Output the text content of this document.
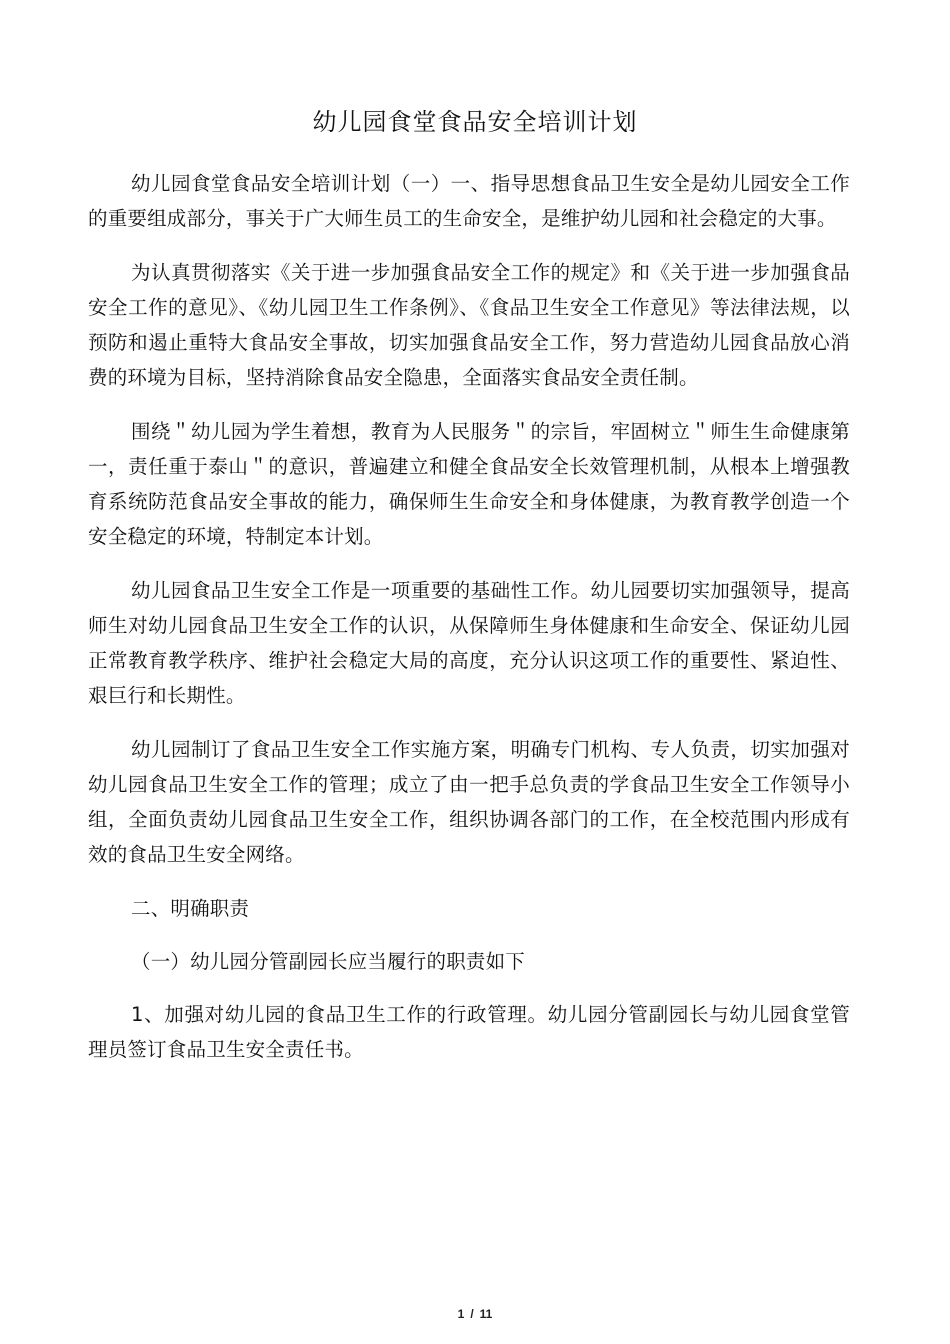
幼儿园食堂食品安全培训计划

幼儿园食堂食品安全培训计划（一）一、指导思想食品卫生安全是幼儿园安全工作的重要组成部分，事关于广大师生员工的生命安全，是维护幼儿园和社会稳定的大事。

为认真贯彻落实《关于进一步加强食品安全工作的规定》和《关于进一步加强食品安全工作的意见》、《幼儿园卫生工作条例》、《食品卫生安全工作意见》等法律法规，以预防和遏止重特大食品安全事故，切实加强食品安全工作，努力营造幼儿园食品放心消费的环境为目标，坚持消除食品安全隐患，全面落实食品安全责任制。

围绕＂幼儿园为学生着想，教育为人民服务＂的宗旨，牢固树立＂师生生命健康第一，责任重于泰山＂的意识，普遍建立和健全食品安全长效管理机制，从根本上增强教育系统防范食品安全事故的能力，确保师生生命安全和身体健康，为教育教学创造一个安全稳定的环境，特制定本计划。

幼儿园食品卫生安全工作是一项重要的基础性工作。幼儿园要切实加强领导，提高师生对幼儿园食品卫生安全工作的认识，从保障师生身体健康和生命安全、保证幼儿园正常教育教学秩序、维护社会稳定大局的高度，充分认识这项工作的重要性、紧迫性、艰巨行和长期性。

幼儿园制订了食品卫生安全工作实施方案，明确专门机构、专人负责，切实加强对幼儿园食品卫生安全工作的管理；成立了由一把手总负责的学食品卫生安全工作领导小组，全面负责幼儿园食品卫生安全工作，组织协调各部门的工作，在全校范围内形成有效的食品卫生安全网络。

二、明确职责

（一）幼儿园分管副园长应当履行的职责如下

1、加强对幼儿园的食品卫生工作的行政管理。幼儿园分管副园长与幼儿园食堂管理员签订食品卫生安全责任书。

1 / 11
